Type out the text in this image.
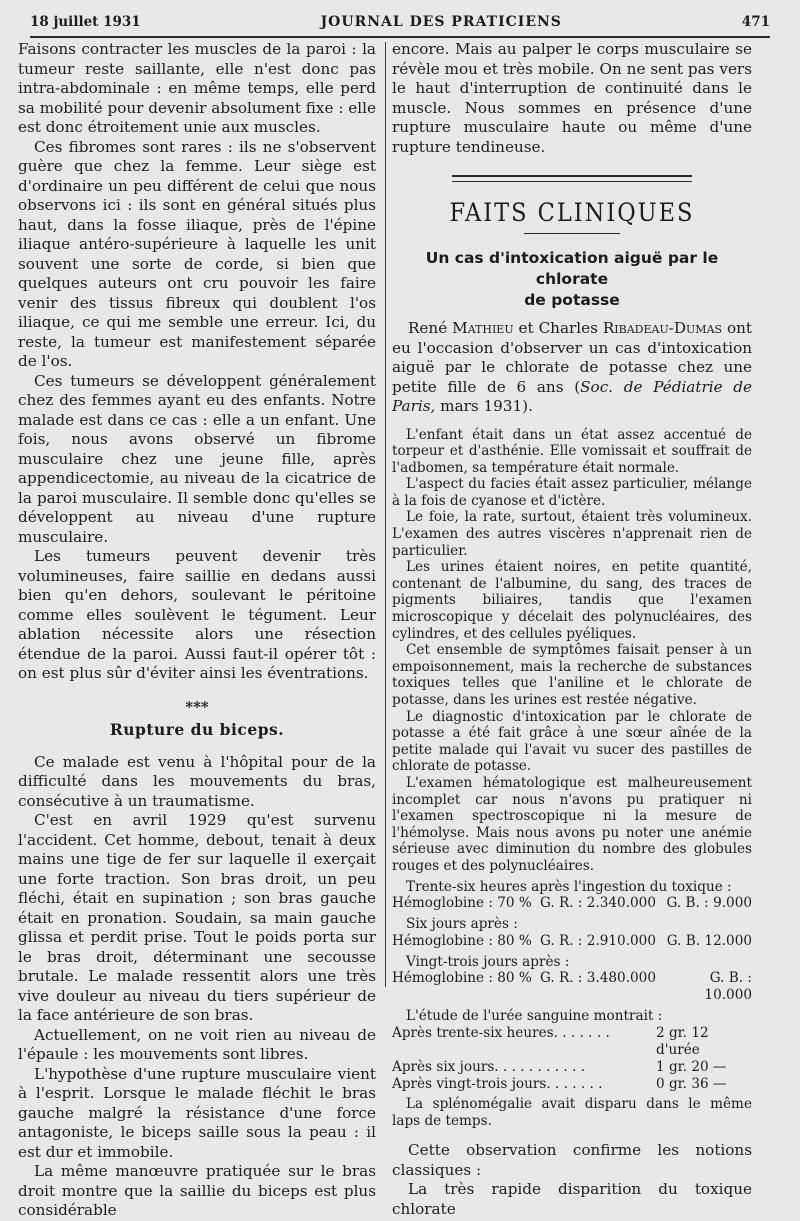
18 juillet 1931	JOURNAL DES PRATICIENS	471

Faisons contracter les muscles de la paroi : la tumeur reste saillante, elle n'est donc pas intra-abdominale : en même temps, elle perd sa mobilité pour devenir absolument fixe : elle est donc étroitement unie aux muscles.

Ces fibromes sont rares : ils ne s'observent guère que chez la femme. Leur siège est d'ordinaire un peu différent de celui que nous observons ici : ils sont en général situés plus haut, dans la fosse iliaque, près de l'épine iliaque antéro-supérieure à laquelle les unit souvent une sorte de corde, si bien que quelques auteurs ont cru pouvoir les faire venir des tissus fibreux qui doublent l'os iliaque, ce qui me semble une erreur. Ici, du reste, la tumeur est manifestement séparée de l'os.

Ces tumeurs se développent généralement chez des femmes ayant eu des enfants. Notre malade est dans ce cas : elle a un enfant. Une fois, nous avons observé un fibrome musculaire chez une jeune fille, après appendicectomie, au niveau de la cicatrice de la paroi musculaire. Il semble donc qu'elles se développent au niveau d'une rupture musculaire.

Les tumeurs peuvent devenir très volumineuses, faire saillie en dedans aussi bien qu'en dehors, soulevant le péritoine comme elles soulèvent le tégument. Leur ablation nécessite alors une résection étendue de la paroi. Aussi faut-il opérer tôt : on est plus sûr d'éviter ainsi les éventrations.

***
Rupture du biceps.

Ce malade est venu à l'hôpital pour de la difficulté dans les mouvements du bras, consécutive à un traumatisme.

C'est en avril 1929 qu'est survenu l'accident. Cet homme, debout, tenait à deux mains une tige de fer sur laquelle il exerçait une forte traction. Son bras droit, un peu fléchi, était en supination ; son bras gauche était en pronation. Soudain, sa main gauche glissa et perdit prise. Tout le poids porta sur le bras droit, déterminant une secousse brutale. Le malade ressentit alors une très vive douleur au niveau du tiers supérieur de la face antérieure de son bras.

Actuellement, on ne voit rien au niveau de l'épaule : les mouvements sont libres.

L'hypothèse d'une rupture musculaire vient à l'esprit. Lorsque le malade fléchit le bras gauche malgré la résistance d'une force antagoniste, le biceps saille sous la peau : il est dur et immobile.

La même manœuvre pratiquée sur le bras droit montre que la saillie du biceps est plus considérable

encore. Mais au palper le corps musculaire se révèle mou et très mobile. On ne sent pas vers le haut d'interruption de continuité dans le muscle. Nous sommes en présence d'une rupture musculaire haute ou même d'une rupture tendineuse.

FAITS CLINIQUES
Un cas d'intoxication aiguë par le chlorate
de potasse

René Mathieu et Charles Ribadeau-Dumas ont eu l'occasion d'observer un cas d'intoxication aiguë par le chlorate de potasse chez une petite fille de 6 ans (Soc. de Pédiatrie de Paris, mars 1931).

L'enfant était dans un état assez accentué de torpeur et d'asthénie. Elle vomissait et souffrait de l'adbomen, sa température était normale.

L'aspect du facies était assez particulier, mélange à la fois de cyanose et d'ictère.

Le foie, la rate, surtout, étaient très volumineux. L'examen des autres viscères n'apprenait rien de particulier.

Les urines étaient noires, en petite quantité, contenant de l'albumine, du sang, des traces de pigments biliaires, tandis que l'examen microscopique y décelait des polynucléaires, des cylindres, et des cellules pyéliques.

Cet ensemble de symptômes faisait penser à un empoisonnement, mais la recherche de substances toxiques telles que l'aniline et le chlorate de potasse, dans les urines est restée négative.

Le diagnostic d'intoxication par le chlorate de potasse a été fait grâce à une sœur aînée de la petite malade qui l'avait vu sucer des pastilles de chlorate de potasse.

L'examen hématologique est malheureusement incomplet car nous n'avons pu pratiquer ni l'examen spectroscopique ni la mesure de l'hémolyse. Mais nous avons pu noter une anémie sérieuse avec diminution du nombre des globules rouges et des polynucléaires.

Trente-six heures après l'ingestion du toxique :

Hémoglobine : 70 % G. R. : 2.340.000 G. B. : 9.000

Six jours après :

Hémoglobine : 80 % G. R. : 2.910.000 G. B. 12.000

Vingt-trois jours après :

Hémoglobine : 80 % G. R. : 3.480.000	G. B. : 10.000

L'étude de l'urée sanguine montrait :

Après trente-six heures. . . . . . .	2 gr. 12 d'urée
Après six jours. . . . . . . . . . .	1 gr. 20 —
Après vingt-trois jours. . . . . . .	0 gr. 36 —

La splénomégalie avait disparu dans le même laps de temps.

Cette observation confirme les notions classiques :

La très rapide disparition du toxique chlorate
